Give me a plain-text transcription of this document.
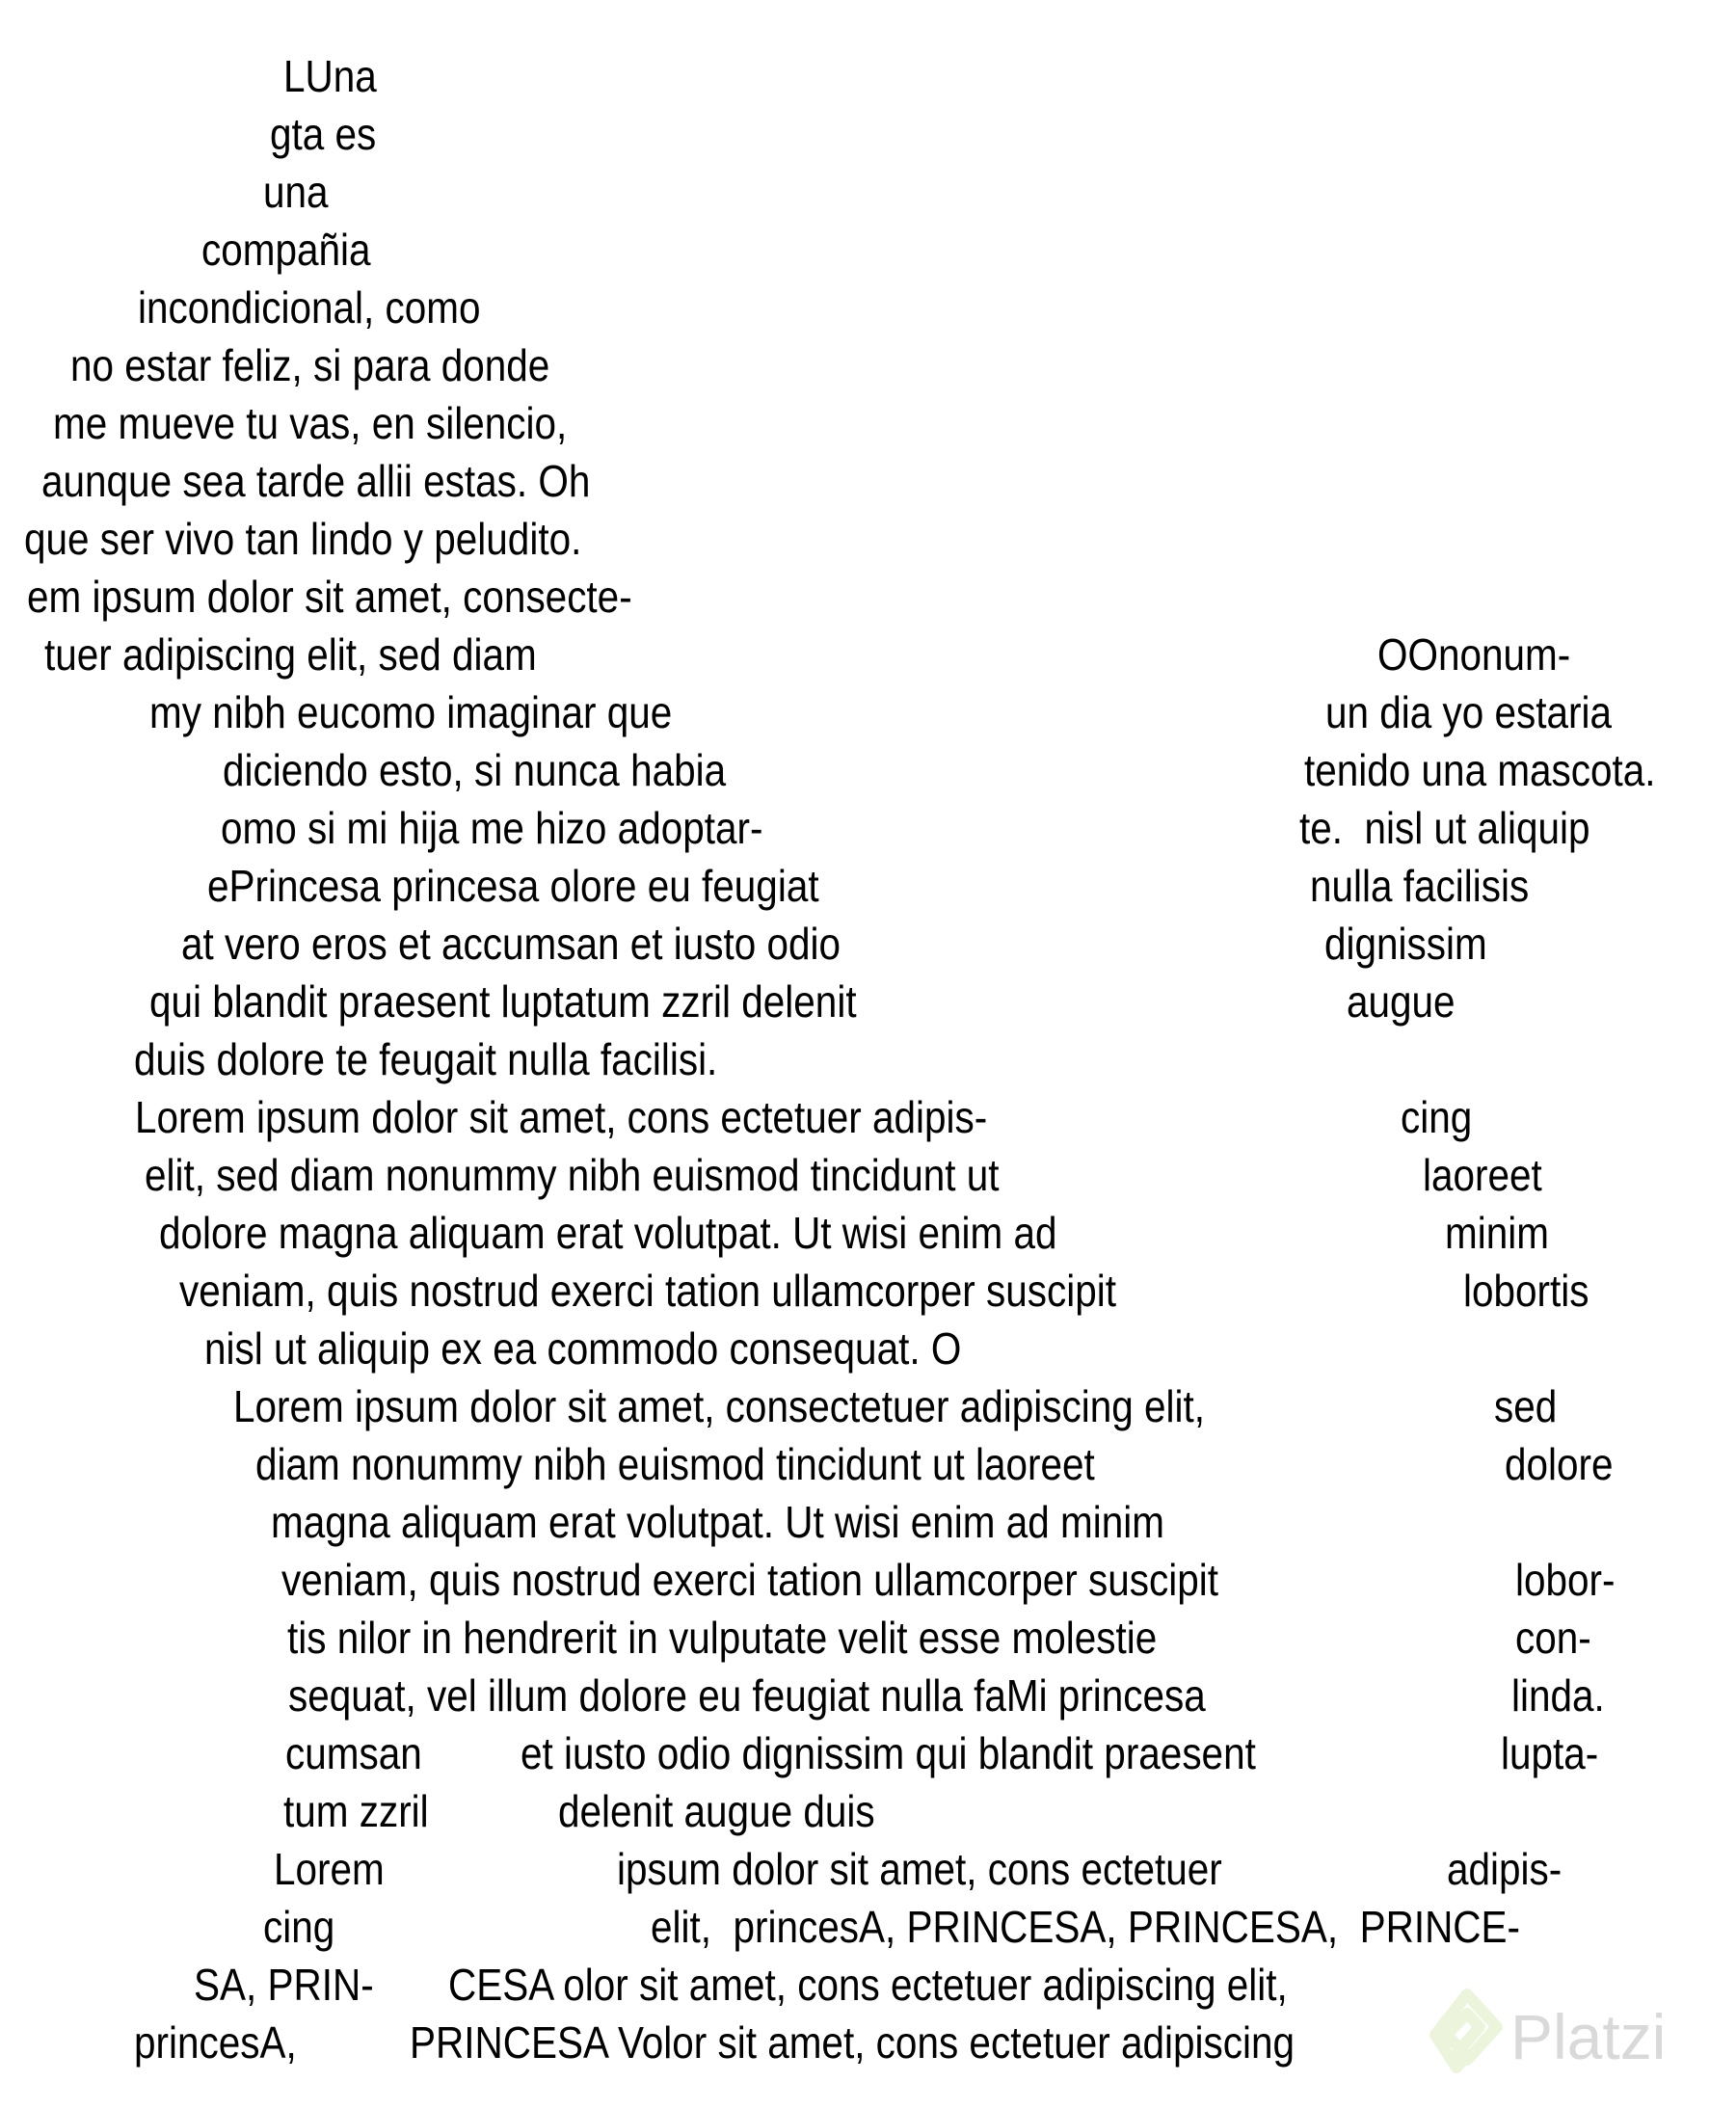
LUna
gta es
una
compañia
incondicional, como
no estar feliz, si para donde
me mueve tu vas, en silencio,
aunque sea tarde allii estas. Oh
que ser vivo tan lindo y peludito.
em ipsum dolor sit amet, consecte-
tuer adipiscing elit, sed diam	OOnonum-
my nibh eucomo imaginar que	un dia yo estaria
diciendo esto, si nunca habia	tenido una mascota.
omo si mi hija me hizo adoptar-	te.  nisl ut aliquip
ePrincesa princesa olore eu feugiat	nulla facilisis
at vero eros et accumsan et iusto odio	dignissim
qui blandit praesent luptatum zzril delenit	augue
duis dolore te feugait nulla facilisi.
Lorem ipsum dolor sit amet, cons ectetuer adipis-	cing
elit, sed diam nonummy nibh euismod tincidunt ut	laoreet
dolore magna aliquam erat volutpat. Ut wisi enim ad	minim
veniam, quis nostrud exerci tation ullamcorper suscipit	lobortis
nisl ut aliquip ex ea commodo consequat. O
Lorem ipsum dolor sit amet, consectetuer adipiscing elit,	sed
diam nonummy nibh euismod tincidunt ut laoreet	dolore
magna aliquam erat volutpat. Ut wisi enim ad minim
veniam, quis nostrud exerci tation ullamcorper suscipit	lobor-
tis nilor in hendrerit in vulputate velit esse molestie	con-
sequat, vel illum dolore eu feugiat nulla faMi princesa	linda.
cumsan et iusto odio dignissim qui blandit praesent	lupta-
tum zzril	delenit augue duis
Lorem	ipsum dolor sit amet, cons ectetuer	adipis-
cing	elit,  princesA, PRINCESA, PRINCESA,  PRINCE-
SA, PRIN- CESA olor sit amet, cons ectetuer adipiscing elit,
princesA,	PRINCESA Volor sit amet, cons ectetuer adipiscing	Platzi
